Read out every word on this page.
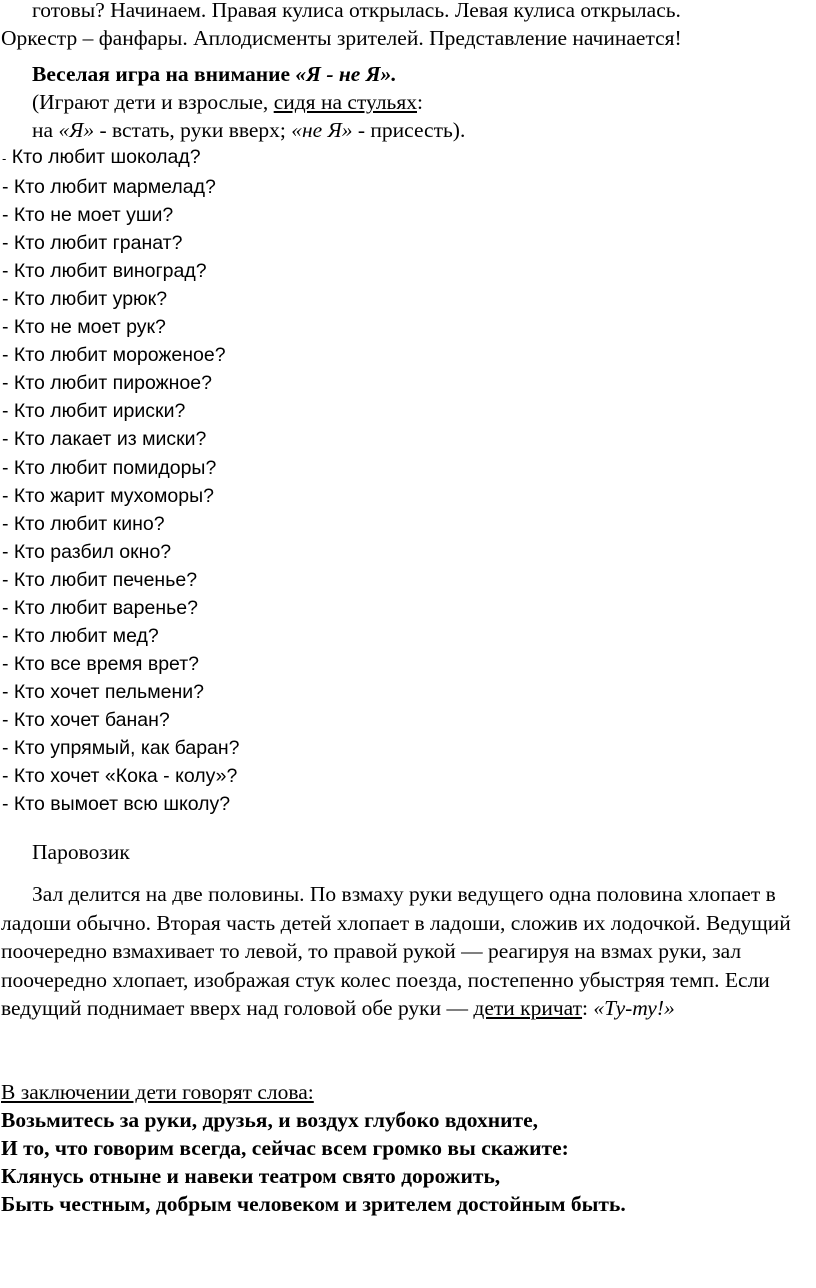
готовы? Начинаем. Правая кулиса открылась. Левая кулиса открылась.
Оркестр – фанфары. Аплодисменты зрителей. Представление начинается!
Веселая игра на внимание «Я - не Я».
(Играют дети и взрослые, сидя на стульях:
на «Я» - встать, руки вверх; «не Я» - присесть).
- Кто любит шоколад?
- Кто любит мармелад?
- Кто не моет уши?
- Кто любит гранат?
- Кто любит виноград?
- Кто любит урюк?
- Кто не моет рук?
- Кто любит мороженое?
- Кто любит пирожное?
- Кто любит ириски?
- Кто лакает из миски?
- Кто любит помидоры?
- Кто жарит мухоморы?
- Кто любит кино?
- Кто разбил окно?
- Кто любит печенье?
- Кто любит варенье?
- Кто любит мед?
- Кто все время врет?
- Кто хочет пельмени?
- Кто хочет банан?
- Кто упрямый, как баран?
- Кто хочет «Кока - колу»?
- Кто вымоет всю школу?
Паровозик

Зал делится на две половины. По взмаху руки ведущего одна половина хлопает в ладоши обычно. Вторая часть детей хлопает в ладоши, сложив их лодочкой. Ведущий поочередно взмахивает то левой, то правой рукой — реагируя на взмах руки, зал поочередно хлопает, изображая стук колес поезда, постепенно убыстряя темп. Если ведущий поднимает вверх над головой обе руки — дети кричат: «Ту-ту!»

В заключении дети говорят слова:
Возьмитесь за руки, друзья, и воздух глубоко вдохните,
И то, что говорим всегда, сейчас всем громко вы скажите:
Клянусь отныне и навеки театром свято дорожить,
Быть честным, добрым человеком и зрителем достойным быть.
